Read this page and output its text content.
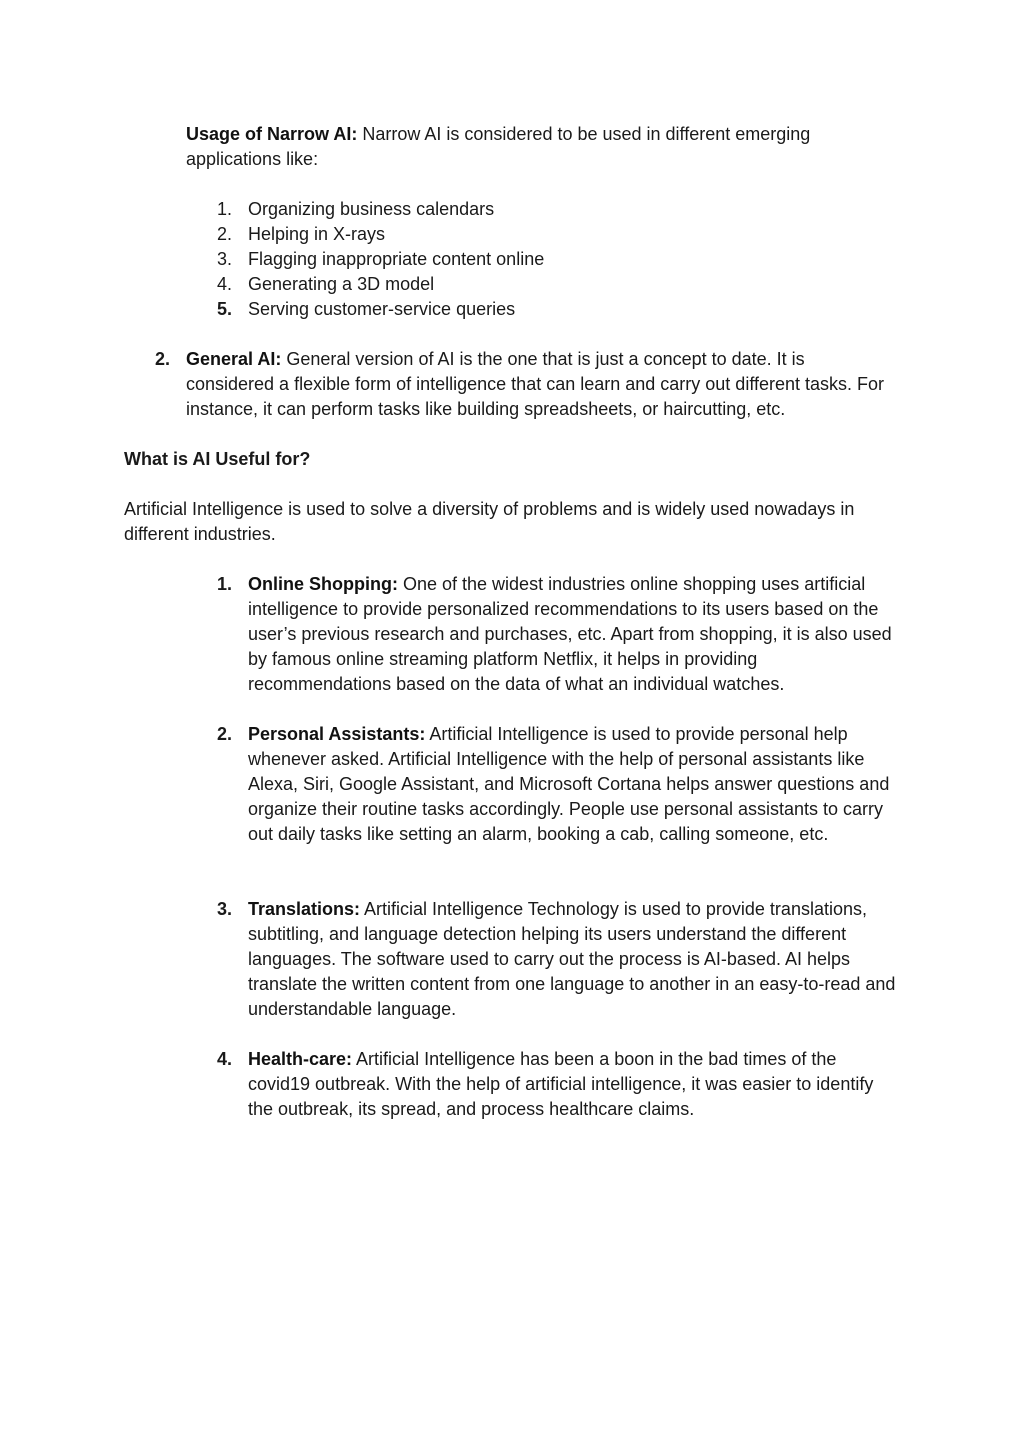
Usage of Narrow AI: Narrow AI is considered to be used in different emerging applications like:

1. Organizing business calendars
2. Helping in X-rays
3. Flagging inappropriate content online
4. Generating a 3D model
5. Serving customer-service queries
2. General AI: General version of AI is the one that is just a concept to date. It is considered a flexible form of intelligence that can learn and carry out different tasks. For instance, it can perform tasks like building spreadsheets, or haircutting, etc.

What is AI Useful for?

Artificial Intelligence is used to solve a diversity of problems and is widely used nowadays in different industries.

1. Online Shopping: One of the widest industries online shopping uses artificial intelligence to provide personalized recommendations to its users based on the user’s previous research and purchases, etc. Apart from shopping, it is also used by famous online streaming platform Netflix, it helps in providing recommendations based on the data of what an individual watches.

2. Personal Assistants: Artificial Intelligence is used to provide personal help whenever asked. Artificial Intelligence with the help of personal assistants like Alexa, Siri, Google Assistant, and Microsoft Cortana helps answer questions and organize their routine tasks accordingly. People use personal assistants to carry out daily tasks like setting an alarm, booking a cab, calling someone, etc.

3. Translations: Artificial Intelligence Technology is used to provide translations, subtitling, and language detection helping its users understand the different languages. The software used to carry out the process is AI-based. AI helps translate the written content from one language to another in an easy-to-read and understandable language.

4. Health-care: Artificial Intelligence has been a boon in the bad times of the covid19 outbreak. With the help of artificial intelligence, it was easier to identify the outbreak, its spread, and process healthcare claims.
